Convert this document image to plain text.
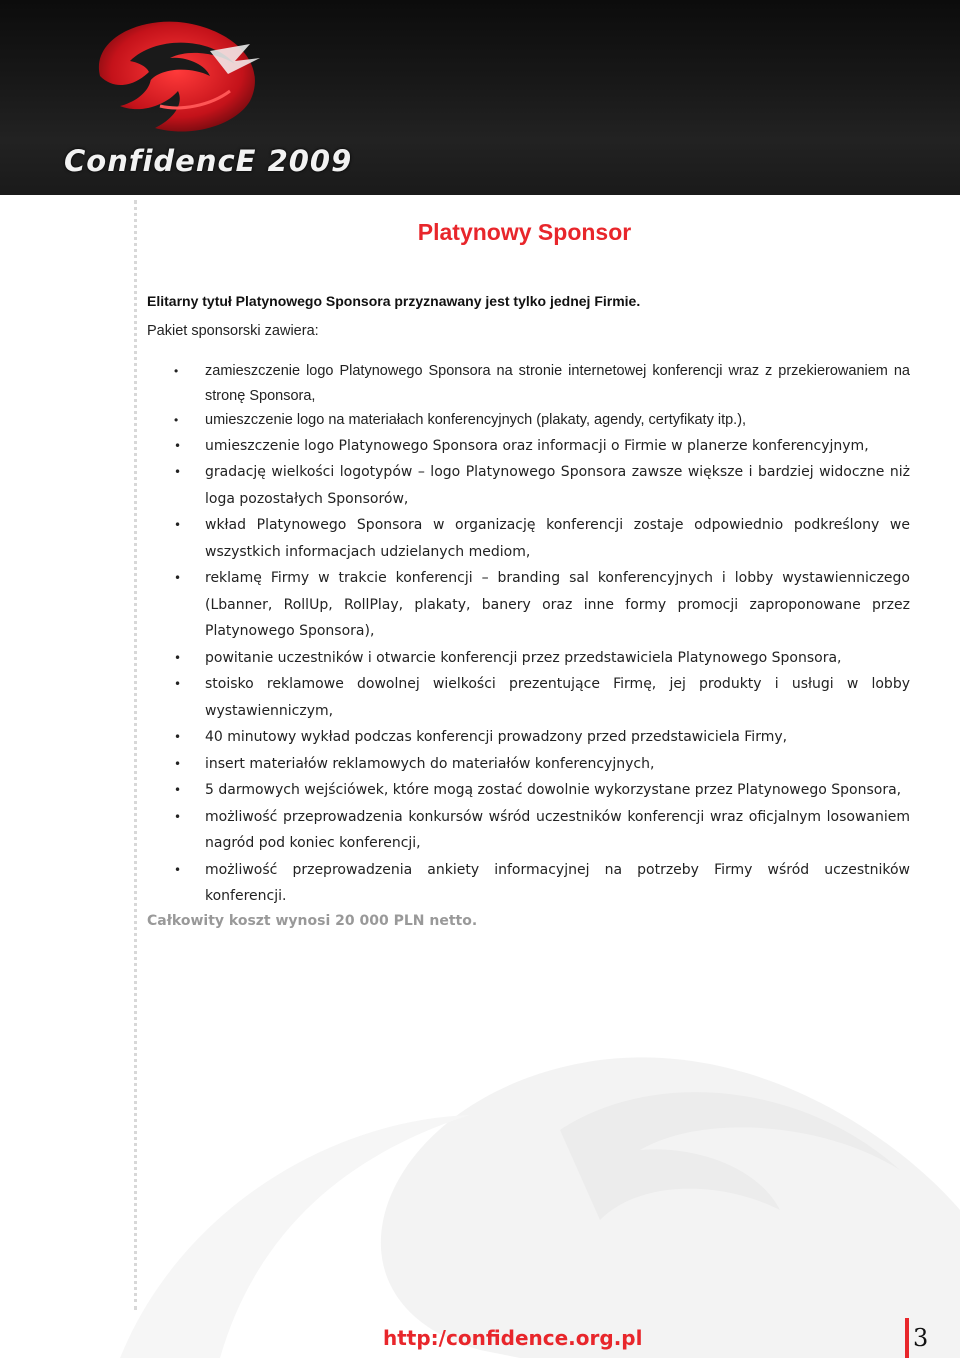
ConfidencE 2009
Platynowy Sponsor

Elitarny tytuł Platynowego Sponsora przyznawany jest tylko jednej Firmie.

Pakiet sponsorski zawiera:

• zamieszczenie logo Platynowego Sponsora na stronie internetowej konferencji wraz z przekierowaniem na stronę Sponsora,
• umieszczenie logo na materiałach konferencyjnych (plakaty, agendy, certyfikaty itp.),
• umieszczenie logo Platynowego Sponsora oraz informacji o Firmie w planerze konferencyjnym,
• gradację wielkości logotypów – logo Platynowego Sponsora zawsze większe i bardziej widoczne niż loga pozostałych Sponsorów,
• wkład Platynowego Sponsora w organizację konferencji zostaje odpowiednio podkreślony we wszystkich informacjach udzielanych mediom,
• reklamę Firmy w trakcie konferencji – branding sal konferencyjnych i lobby wystawienniczego (Lbanner, RollUp, RollPlay, plakaty, banery oraz inne formy promocji zaproponowane przez Platynowego Sponsora),
• powitanie uczestników i otwarcie konferencji przez przedstawiciela Platynowego Sponsora,
• stoisko reklamowe dowolnej wielkości prezentujące Firmę, jej produkty i usługi w lobby wystawienniczym,
• 40 minutowy wykład podczas konferencji prowadzony przed przedstawiciela Firmy,
• insert materiałów reklamowych do materiałów konferencyjnych,
• 5 darmowych wejściówek, które mogą zostać dowolnie wykorzystane przez Platynowego Sponsora,
• możliwość przeprowadzenia konkursów wśród uczestników konferencji wraz oficjalnym losowaniem nagród pod koniec konferencji,
• możliwość przeprowadzenia ankiety informacyjnej na potrzeby Firmy wśród uczestników konferencji.

Całkowity koszt wynosi 20 000 PLN netto.

http:/confidence.org.pl	3
